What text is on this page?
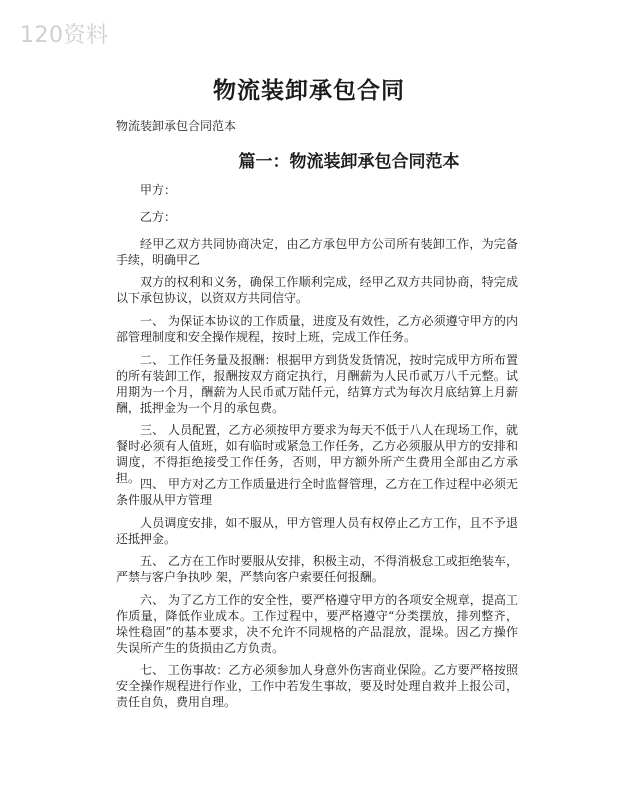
120资料
物流装卸承包合同
物流装卸承包合同范本
篇一：物流装卸承包合同范本

甲方：

乙方：

经甲乙双方共同协商决定，由乙方承包甲方公司所有装卸工作，为完备手续，明确甲乙

双方的权利和义务，确保工作顺利完成，经甲乙双方共同协商，特完成以下承包协议，以资双方共同信守。

一、 为保证本协议的工作质量，进度及有效性，乙方必须遵守甲方的内部管理制度和安全操作规程，按时上班，完成工作任务。

二、 工作任务量及报酬：根据甲方到货发货情况，按时完成甲方所布置的所有装卸工作，报酬按双方商定执行，月酬薪为人民币贰万八千元整。试用期为一个月，酬薪为人民币贰万陆仟元，结算方式为每次月底结算上月薪酬，抵押金为一个月的承包费。

三、 人员配置，乙方必须按甲方要求为每天不低于八人在现场工作，就餐时必须有人值班，如有临时或紧急工作任务，乙方必须服从甲方的安排和调度，不得拒绝接受工作任务，否则，甲方额外所产生费用全部由乙方承担。 四、 甲方对乙方工作质量进行全时监督管理，乙方在工作过程中必须无条件服从甲方管理

人员调度安排，如不服从，甲方管理人员有权停止乙方工作，且不予退还抵押金。

五、 乙方在工作时要服从安排，积极主动，不得消极怠工或拒绝装车，严禁与客户争执吵 架，严禁向客户索要任何报酬。

六、 为了乙方工作的安全性，要严格遵守甲方的各项安全规章，提高工作质量，降低作业成本。工作过程中，要严格遵守“分类摆放，排列整齐，垛性稳固”的基本要求，决不允许不同规格的产品混放，混垛。因乙方操作失误所产生的货损由乙方负责。

七、 工伤事故：乙方必须参加人身意外伤害商业保险。乙方要严格按照安全操作规程进行作业，工作中若发生事故，要及时处理自救并上报公司，责任自负，费用自理。
